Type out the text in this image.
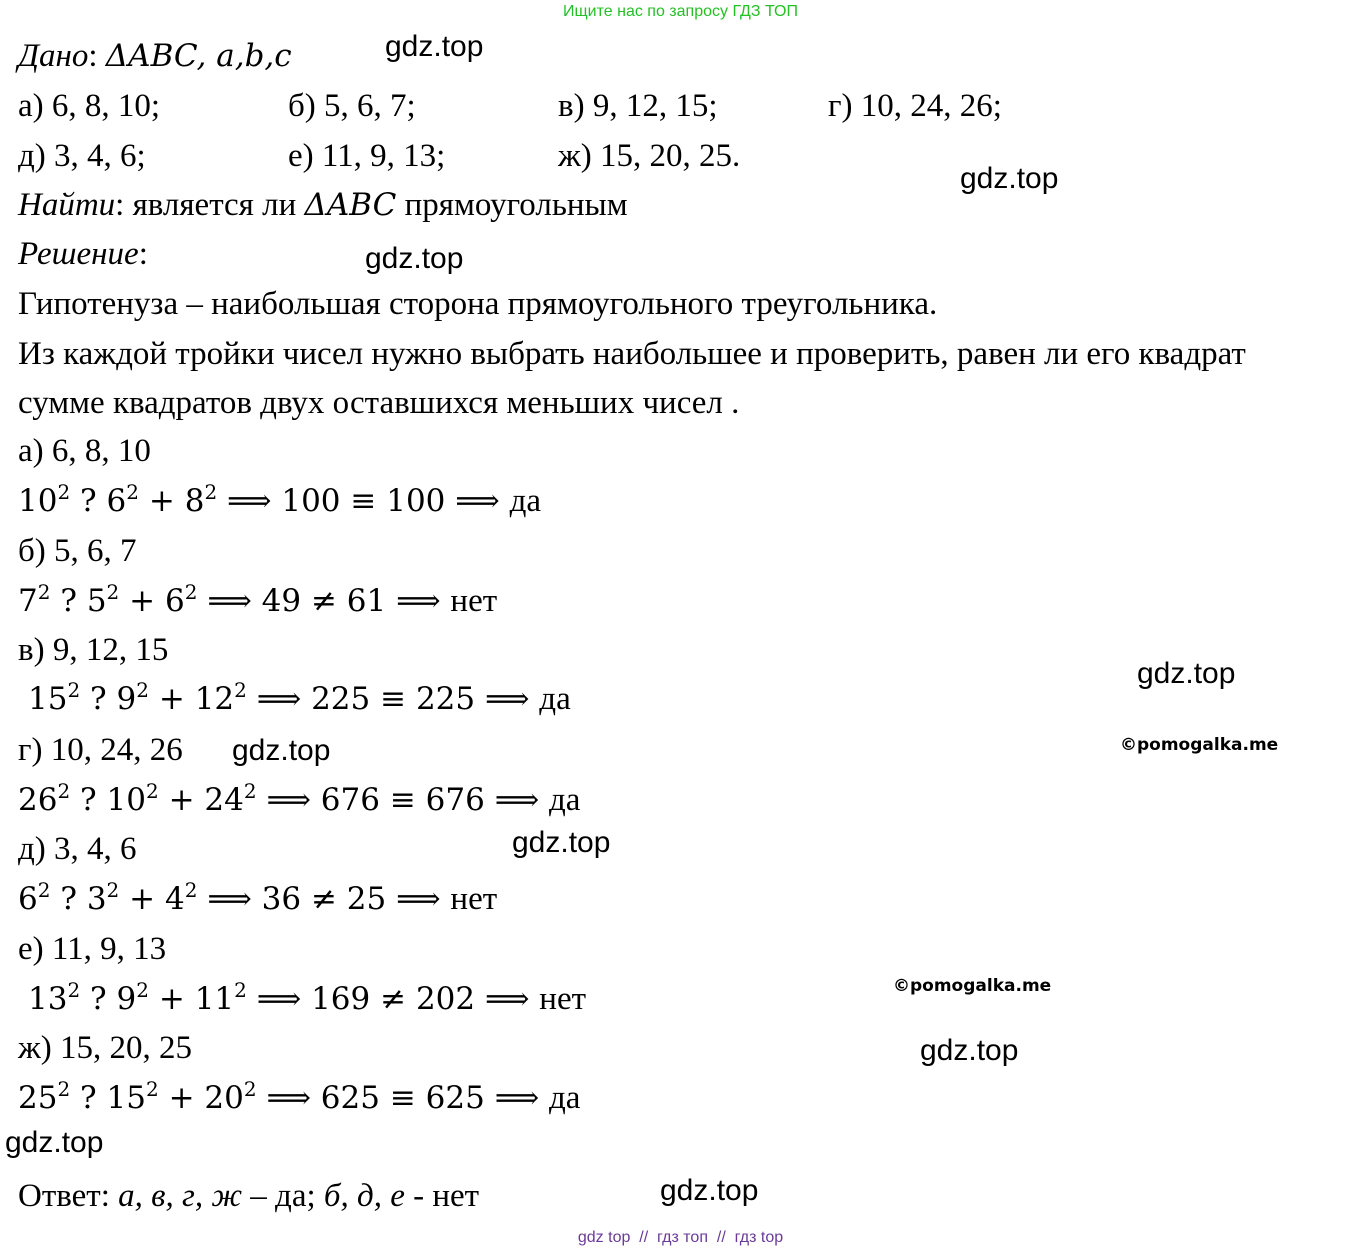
Ищите нас по запросу ГДЗ ТОП
Дано: ΔABC, a,b,c
а) 6, 8, 10;	б) 5, 6, 7;	в) 9, 12, 15;	г) 10, 24, 26;
д) 3, 4, 6;	е) 11, 9, 13;	ж) 15, 20, 25.
Найти: является ли ΔABC прямоугольным
Решение:
Гипотенуза – наибольшая сторона прямоугольного треугольника.
Из каждой тройки чисел нужно выбрать наибольшее и проверить, равен ли его квадрат
сумме квадратов двух оставшихся меньших чисел .
а) 6, 8, 10
$10^2$ ? $6^2 + 8^2$ ⟹ 100 ≡ 100 ⟹ да
б) 5, 6, 7
$7^2$ ? $5^2 + 6^2$ ⟹ 49 ≠ 61 ⟹ нет
в) 9, 12, 15
$15^2$ ? $9^2 + 12^2$ ⟹ 225 ≡ 225 ⟹ да
г) 10, 24, 26
$26^2$ ? $10^2 + 24^2$ ⟹ 676 ≡ 676 ⟹ да
д) 3, 4, 6
$6^2$ ? $3^2 + 4^2$ ⟹ 36 ≠ 25 ⟹ нет
е) 11, 9, 13
$13^2$ ? $9^2 + 11^2$ ⟹ 169 ≠ 202 ⟹ нет
ж) 15, 20, 25
$25^2$ ? $15^2 + 20^2$ ⟹ 625 ≡ 625 ⟹ да
Ответ: а, в, г, ж – да; б, д, е - нет
gdz.top
gdz.top
gdz.top
gdz.top
gdz.top
gdz.top
gdz.top
gdz.top
gdz.top
©pomogalka.me
©pomogalka.me
gdz top  //  гдз топ  //  гдз top
